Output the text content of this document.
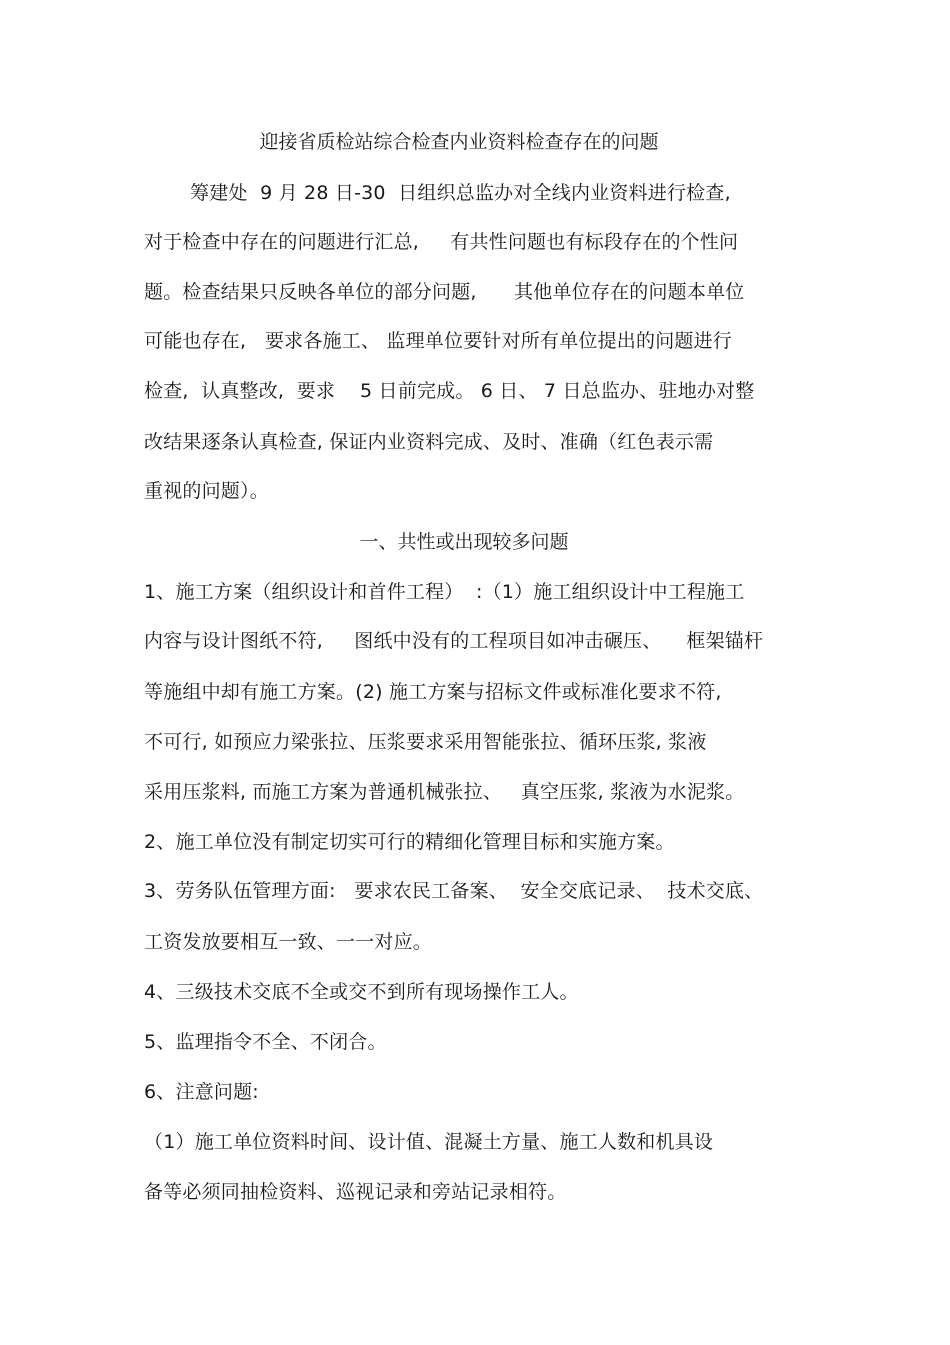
迎接省质检站综合检查内业资料检查存在的问题
筹建处  9 月 28 日-30  日组织总监办对全线内业资料进行检查,
对于检查中存在的问题进行汇总,     有共性问题也有标段存在的个性问
题。检查结果只反映各单位的部分问题,      其他单位存在的问题本单位
可能也存在,   要求各施工、 监理单位要针对所有单位提出的问题进行
检查,  认真整改,  要求    5 日前完成。 6 日、 7 日总监办、驻地办对整
改结果逐条认真检查, 保证内业资料完成、及时、准确（红色表示需
重视的问题）。
一、共性或出现较多问题
1、施工方案（组织设计和首件工程）  :（1）施工组织设计中工程施工
内容与设计图纸不符,     图纸中没有的工程项目如冲击碾压、    框架锚杆
等施组中却有施工方案。(2) 施工方案与招标文件或标准化要求不符,
不可行, 如预应力梁张拉、压浆要求采用智能张拉、循环压浆, 浆液
采用压浆料, 而施工方案为普通机械张拉、   真空压浆, 浆液为水泥浆。
2、施工单位没有制定切实可行的精细化管理目标和实施方案。
3、劳务队伍管理方面:   要求农民工备案、  安全交底记录、  技术交底、
工资发放要相互一致、一一对应。
4、三级技术交底不全或交不到所有现场操作工人。
5、监理指令不全、不闭合。
6、注意问题:
（1）施工单位资料时间、设计值、混凝土方量、施工人数和机具设
备等必须同抽检资料、巡视记录和旁站记录相符。
